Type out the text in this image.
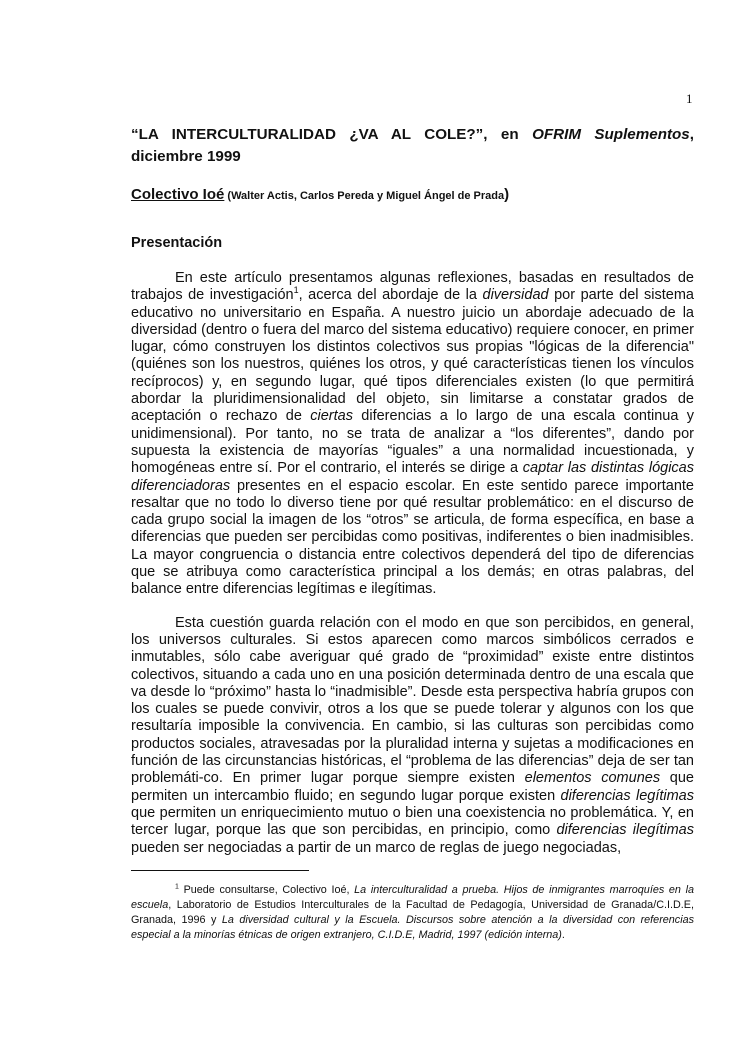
1
“LA INTERCULTURALIDAD ¿VA AL COLE?”, en OFRIM Suplementos, diciembre 1999
Colectivo Ioé (Walter Actis, Carlos Pereda y Miguel Ángel de Prada)
Presentación

En este artículo presentamos algunas reflexiones, basadas en resultados de trabajos de investigación$^1$, acerca del abordaje de la diversidad por parte del sistema educativo no universitario en España. A nuestro juicio un abordaje adecuado de la diversidad (dentro o fuera del marco del sistema educativo) requiere conocer, en primer lugar, cómo construyen los distintos colectivos sus propias "lógicas de la diferencia" (quiénes son los nuestros, quiénes los otros, y qué características tienen los vínculos recíprocos) y, en segundo lugar, qué tipos diferenciales existen (lo que permitirá abordar la pluridimensionalidad del objeto, sin limitarse a constatar grados de aceptación o rechazo de ciertas diferencias a lo largo de una escala continua y unidimensional). Por tanto, no se trata de analizar a “los diferentes”, dando por supuesta la existencia de mayorías “iguales” a una normalidad incuestionada, y homogéneas entre sí. Por el contrario, el interés se dirige a captar las distintas lógicas diferenciadoras presentes en el espacio escolar. En este sentido parece importante resaltar que no todo lo diverso tiene por qué resultar problemático: en el discurso de cada grupo social la imagen de los “otros” se articula, de forma específica, en base a diferencias que pueden ser percibidas como positivas, indiferentes o bien inadmisibles. La mayor congruencia o distancia entre colectivos dependerá del tipo de diferencias que se atribuya como característica principal a los demás; en otras palabras, del balance entre diferencias legítimas e ilegítimas.

Esta cuestión guarda relación con el modo en que son percibidos, en general, los universos culturales. Si estos aparecen como marcos simbólicos cerrados e inmutables, sólo cabe averiguar qué grado de “proximidad” existe entre distintos colectivos, situando a cada uno en una posición determinada dentro de una escala que va desde lo “próximo” hasta lo “inadmisible”. Desde esta perspectiva habría grupos con los cuales se puede convivir, otros a los que se puede tolerar y algunos con los que resultaría imposible la convivencia. En cambio, si las culturas son percibidas como productos sociales, atravesadas por la pluralidad interna y sujetas a modificaciones en función de las circunstancias históricas, el “problema de las diferencias” deja de ser tan problemáti-co. En primer lugar porque siempre existen elementos comunes que permiten un intercambio fluido; en segundo lugar porque existen diferencias legítimas que permiten un enriquecimiento mutuo o bien una coexistencia no problemática. Y, en tercer lugar, porque las que son percibidas, en principio, como diferencias ilegítimas pueden ser negociadas a partir de un marco de reglas de juego negociadas,

$^1$ Puede consultarse, Colectivo Ioé, La interculturalidad a prueba. Hijos de inmigrantes marroquíes en la escuela, Laboratorio de Estudios Interculturales de la Facultad de Pedagogía, Universidad de Granada/C.I.D.E, Granada, 1996 y La diversidad cultural y la Escuela. Discursos sobre atención a la diversidad con referencias especial a la minorías étnicas de origen extranjero, C.I.D.E, Madrid, 1997 (edición interna).
